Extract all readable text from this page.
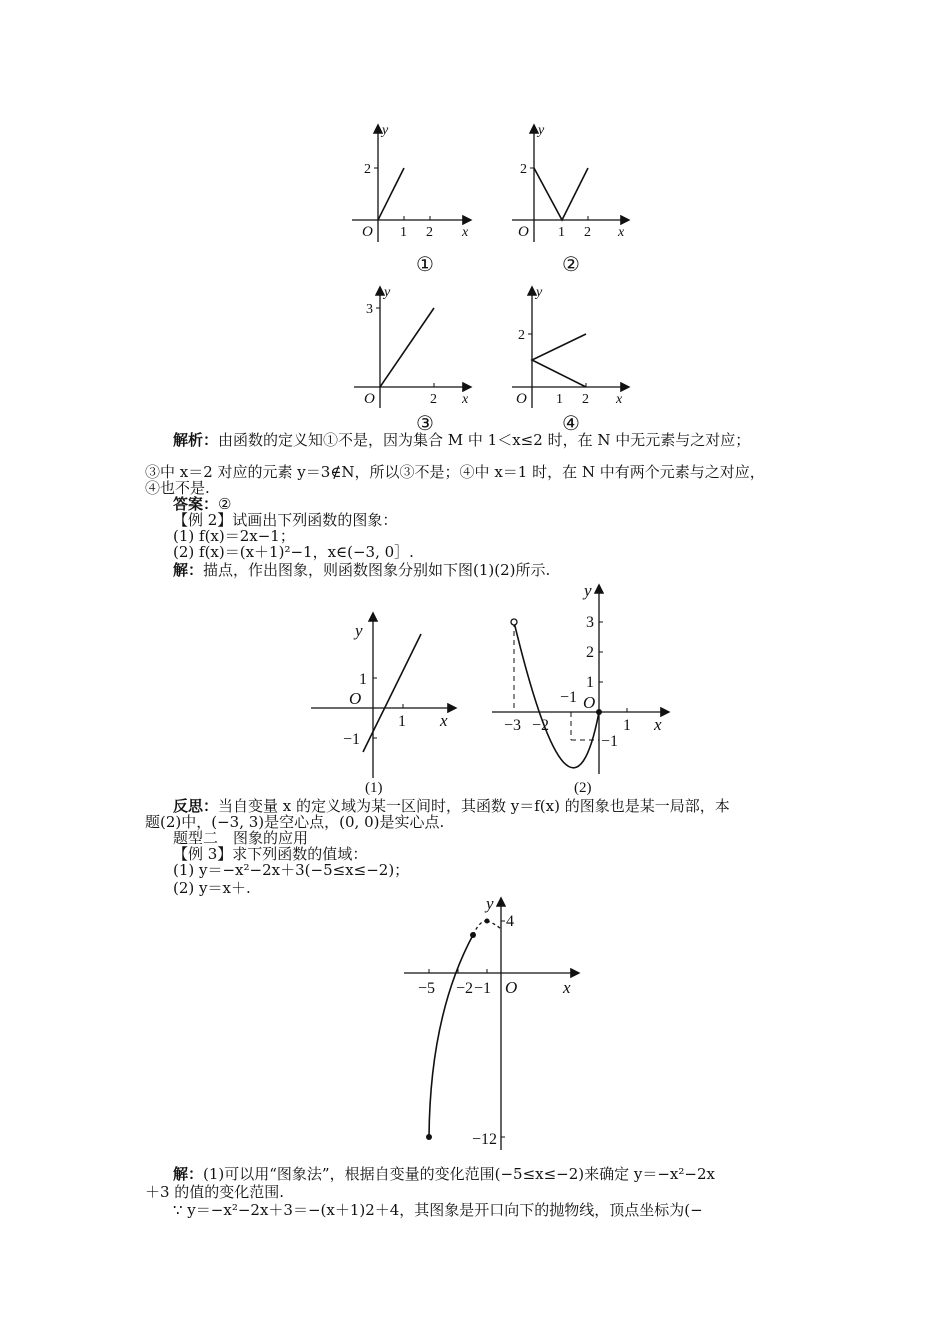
y
2
O 1 2 x
①
y
2
O 1 2 x
②
y
3
O	2 x
③
y
2
O 1 2 x
④
解析：由函数的定义知①不是，因为集合 M 中 1＜x≤2 时，在 N 中无元素与之对应；
③中 x＝2 对应的元素 y＝3∉N，所以③不是；④中 x＝1 时，在 N 中有两个元素与之对应，
④也不是.
答案：②
【例 2】试画出下列函数的图象：
(1) f(x)＝2x−1；
(2) f(x)＝(x＋1)²−1，x∈(−3, 0］.
解：描点，作出图象，则函数图象分别如下图(1)(2)所示.
y
1
O
1 x
−1
(1)
y
3
2
1
−1 O
−3 −2	1 x
−1
(2)
反思：当自变量 x 的定义域为某一区间时，其函数 y＝f(x) 的图象也是某一局部，本
题(2)中，(−3, 3)是空心点，(0, 0)是实心点.
题型二　图象的应用
【例 3】求下列函数的值域：
(1) y＝−x²−2x＋3(−5≤x≤−2)；
(2) y＝x＋.
y
4
−5 −2 −1 O	x
−12
解：(1)可以用“图象法”，根据自变量的变化范围(−5≤x≤−2)来确定 y＝−x²−2x
＋3 的值的变化范围.
∵ y＝−x²−2x＋3＝−(x＋1)2＋4，其图象是开口向下的抛物线，顶点坐标为(−
